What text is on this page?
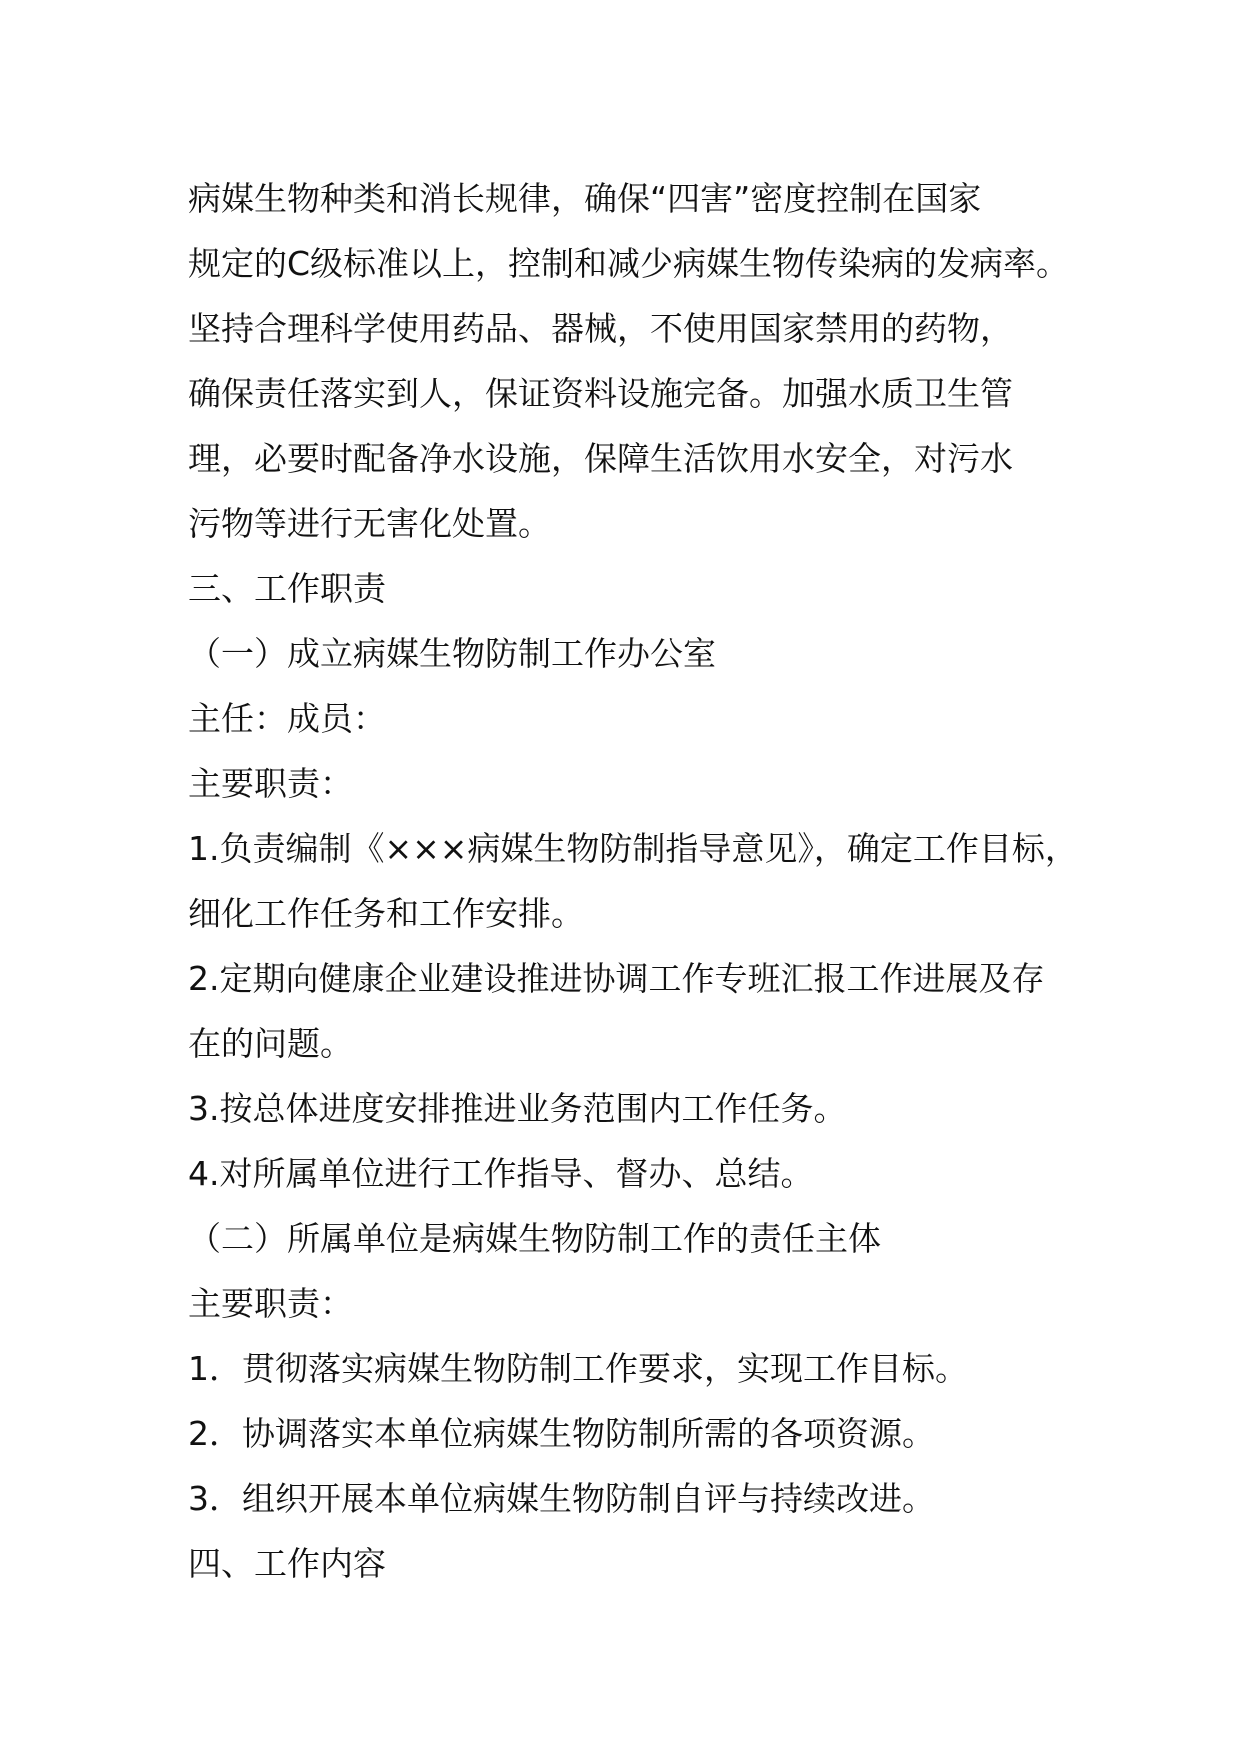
病媒生物种类和消长规律，确保“四害”密度控制在国家
规定的C级标准以上，控制和减少病媒生物传染病的发病率。
坚持合理科学使用药品、器械，不使用国家禁用的药物，
确保责任落实到人，保证资料设施完备。加强水质卫生管
理，必要时配备净水设施，保障生活饮用水安全，对污水
污物等进行无害化处置。
三、工作职责
（一）成立病媒生物防制工作办公室
主任：成员：
主要职责：
1.负责编制《×××病媒生物防制指导意见》，确定工作目标，
细化工作任务和工作安排。
2.定期向健康企业建设推进协调工作专班汇报工作进展及存
在的问题。
3.按总体进度安排推进业务范围内工作任务。
4.对所属单位进行工作指导、督办、总结。
（二）所属单位是病媒生物防制工作的责任主体
主要职责：
1．贯彻落实病媒生物防制工作要求，实现工作目标。
2．协调落实本单位病媒生物防制所需的各项资源。
3．组织开展本单位病媒生物防制自评与持续改进。
四、工作内容
